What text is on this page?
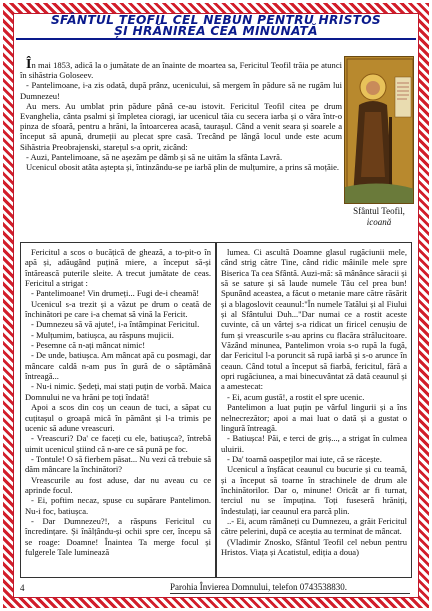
SFÂNTUL TEOFIL CEL NEBUN PENTRU HRISTOS
ȘI HRĂNIREA CEA MINUNATĂ

În mai 1853, adică la o jumătate de an înainte de moartea sa, Fericitul Teofil trăia pe atunci în sihăstria Goloseev.

- Pantelimoane, i-a zis odată, după prânz, ucenicului, să mergem în pădure să ne rugăm lui Dumnezeu!

Au mers. Au umblat prin pădure până ce-au istovit. Fericitul Teofil citea pe drum Evanghelia, cânta psalmi și împletea cioragi, iar ucenicul tăia cu secera iarba și o vâra într-o pinza de sfoară, pentru a hrăni, la întoarcerea acasă, taurașul. Când a venit seara și soarele a început să apună, drumeții au plecat spre casă. Trecând pe lângă locul unde este acum Sihăstria Preobrajenski, starețul s-a oprit, zicând:

- Auzi, Pantelimoane, să ne așezăm pe dâmb și să ne uităm la sfânta Lavră.

Ucenicul obosit atâta aștepta și, întinzându-se pe iarbă plin de mulțumire, a prins să moțăie.

Sfântul Teofil,
icoană

Fericitul a scos o bucățică de ghează, a to-pit-o în apă și, adăugând puțină miere, a început să-și întărească puterile sleite. A trecut jumătate de ceas. Fericitul a strigat :

- Pantelimoane! Vin drumeți... Fugi de-i cheamă!

Ucenicul s-a trezit și a văzut pe drum o ceată de închinători pe care i-a chemat să vină la Fericit.

- Dumnezeu să vă ajute!, i-a întâmpinat Fericitul.

- Mulțumim, batiușca, au răspuns mujicii.

- Pesemne că n-ați mâncat nimic!

- De unde, batiușca. Am mâncat apă cu posmagi, dar mâncare caldă n-am pus în gură de o săptămână întreagă...

- Nu-i nimic. Ședeți, mai stați puțin de vorbă. Maica Domnului ne va hrăni pe toți îndată!

Apoi a scos din coș un ceaun de tuci, a săpat cu cuțitașul o groapă mică în pământ și l-a trimis pe ucenic să adune vreascuri.

- Vreascuri? Da' ce faceți cu ele, batiușca?, întrebă uimit ucenicul știind că n-are ce să pună pe foc.

- Tontule! O să fierbem păsat... Nu vezi că trebuie să dăm mâncare la închinători?

Vreascurile au fost aduse, dar nu aveau cu ce aprinde focul.

- Ei, poftim necaz, spuse cu supărare Pantelimon. Nu-i foc, batiușca.

- Dar Dumnezeu?!, a răspuns Fericitul cu încredințare. Și înălțându-și ochii spre cer, începu să se roage: Doamne! Înaintea Ta merge focul și fulgerele Tale luminează

lumea. Ci ascultă Doamne glasul rugăciunii mele, când strig către Tine, când ridic mâinile mele spre Biserica Ta cea Sfântă. Auzi-mă: să mânânce săracii și să se sature și să laude numele Tău cel prea bun! Spunând aceastea, a făcut o metanie mare către răsărit și a blagoslovit ceaunul:"În numele Tatălui și al Fiului și al Sfântului Duh..."Dar numai ce a rostit aceste cuvinte, că un vârtej s-a ridicat un firicel cenușiu de fum și vreascurile s-au aprins cu flacăra strălucitoare. Văzând minunea, Pantelimon vroia s-o rupă la fugă, dar Fericitul l-a poruncit să rupă iarbă și s-o arunce în ceaun. Când totul a început să fiarbă, fericitul, fără a opri rugăciunea, a mai binecuvântat ză dată ceaunul și a amestecat:

- Ei, acum gustă!, a rostit el spre ucenic.

Pantelimon a luat puțin pe vârful lingurii și a îns nelnecrezător; apoi a mai luat o dată și a gustat o lingură întreagă.

- Batiușca! Păi, e terci de griș..., a strigat în culmea uluirii.

- Da' toarnă oaspeților mai iute, că se răcește.

Ucenicul a înșfăcat ceaunul cu bucurie și cu teamă, și a început să toarne în strachinele de drum ale închinătorilor. Dar o, minune! Oricât ar fi turnat, terciul nu se împuțina. Toți fuseseră hrăniți, îndestulați, iar ceaunul era parcă plin.

..- Ei, acum rămâneți cu Dumnezeu, a grăit Fericitul către pelerini, după ce aceștia au terminat de mâncat.

(Vladimir Znosko, Sfântul Teofil cel nebun pentru Hristos. Viața și Acatistul, ediția a doua)

4	Parohia Învierea Domnului, telefon 0743538830.
